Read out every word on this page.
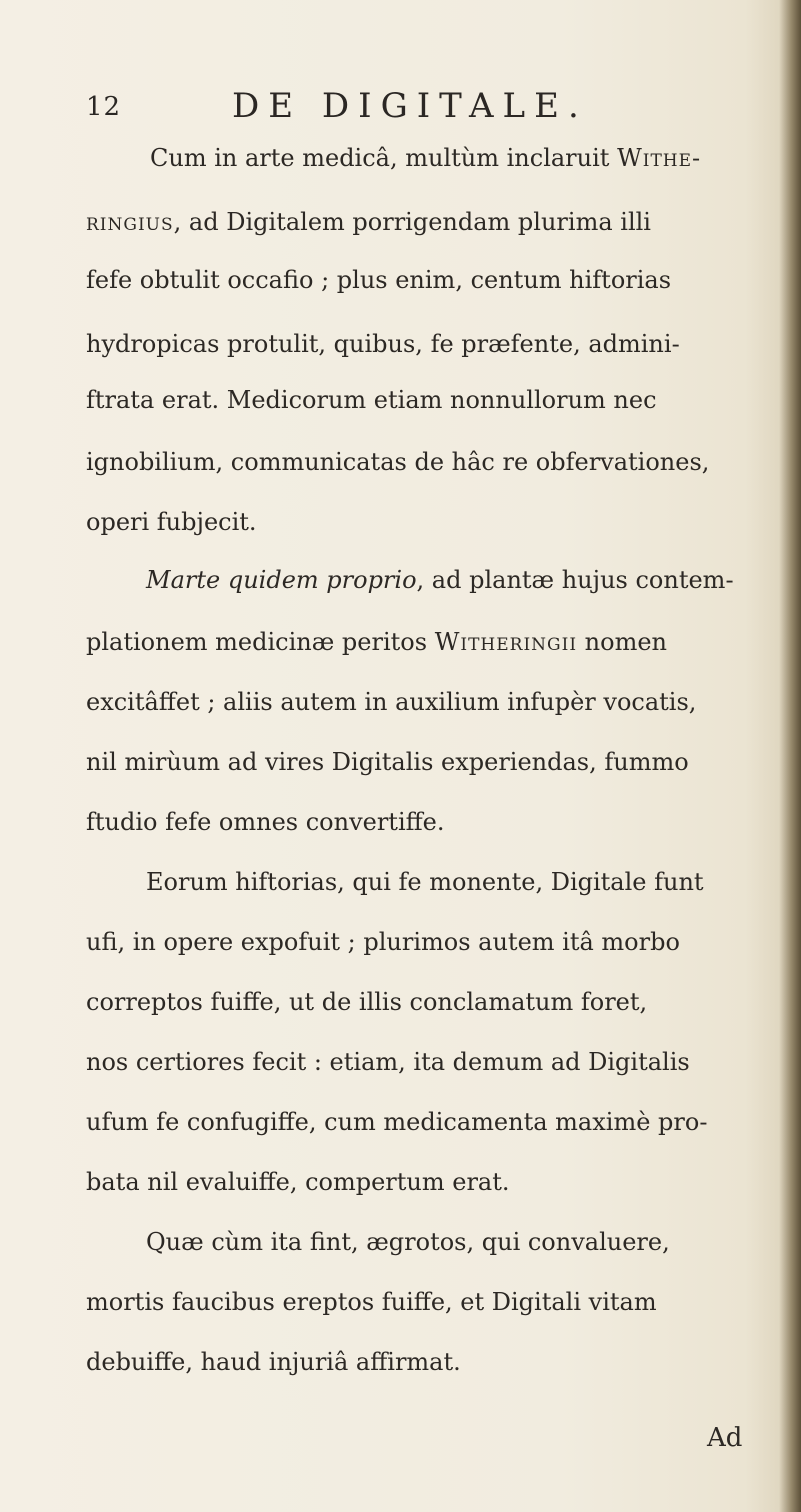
12	DE DIGITALE.
Cum in arte medicâ, multùm inclaruit Withe-
ringius, ad Digitalem porrigendam plurima illi
fefe obtulit occafio ; plus enim, centum hiftorias
hydropicas protulit, quibus, fe præfente, admini-
ftrata erat. Medicorum etiam nonnullorum nec
ignobilium, communicatas de hâc re obfervationes,
operi fubjecit.
Marte quidem proprio, ad plantæ hujus contem-
plationem medicinæ peritos Witheringii nomen
excitâffet ; aliis autem in auxilium infupèr vocatis,
nil mirùum ad vires Digitalis experiendas, fummo
ftudio fefe omnes convertiffe.
Eorum hiftorias, qui fe monente, Digitale funt
ufi, in opere expofuit ; plurimos autem itâ morbo
correptos fuiffe, ut de illis conclamatum foret,
nos certiores fecit : etiam, ita demum ad Digitalis
ufum fe confugiffe, cum medicamenta maximè pro-
bata nil evaluiffe, compertum erat.
Quæ cùm ita fint, ægrotos, qui convaluere,
mortis faucibus ereptos fuiffe, et Digitali vitam
debuiffe, haud injuriâ affirmat.
Ad
